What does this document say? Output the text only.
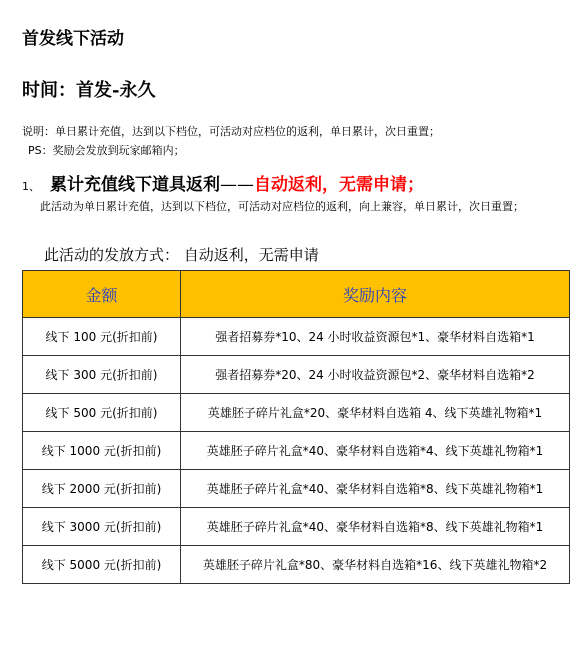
首发线下活动
时间：首发-永久

说明：单日累计充值，达到以下档位，可活动对应档位的返利，单日累计，次日重置；

PS：奖励会发放到玩家邮箱内；

1、 累计充值线下道具返利——自动返利，无需申请；

此活动为单日累计充值，达到以下档位，可活动对应档位的返利，向上兼容，单日累计，次日重置；

此活动的发放方式： 自动返利，无需申请

金额	奖励内容
线下 100 元(折扣前)	强者招募券*10、24 小时收益资源包*1、豪华材料自选箱*1
线下 300 元(折扣前)	强者招募券*20、24 小时收益资源包*2、豪华材料自选箱*2
线下 500 元(折扣前)	英雄胚子碎片礼盒*20、豪华材料自选箱 4、线下英雄礼物箱*1
线下 1000 元(折扣前)	英雄胚子碎片礼盒*40、豪华材料自选箱*4、线下英雄礼物箱*1
线下 2000 元(折扣前)	英雄胚子碎片礼盒*40、豪华材料自选箱*8、线下英雄礼物箱*1
线下 3000 元(折扣前)	英雄胚子碎片礼盒*40、豪华材料自选箱*8、线下英雄礼物箱*1
线下 5000 元(折扣前)	英雄胚子碎片礼盒*80、豪华材料自选箱*16、线下英雄礼物箱*2
